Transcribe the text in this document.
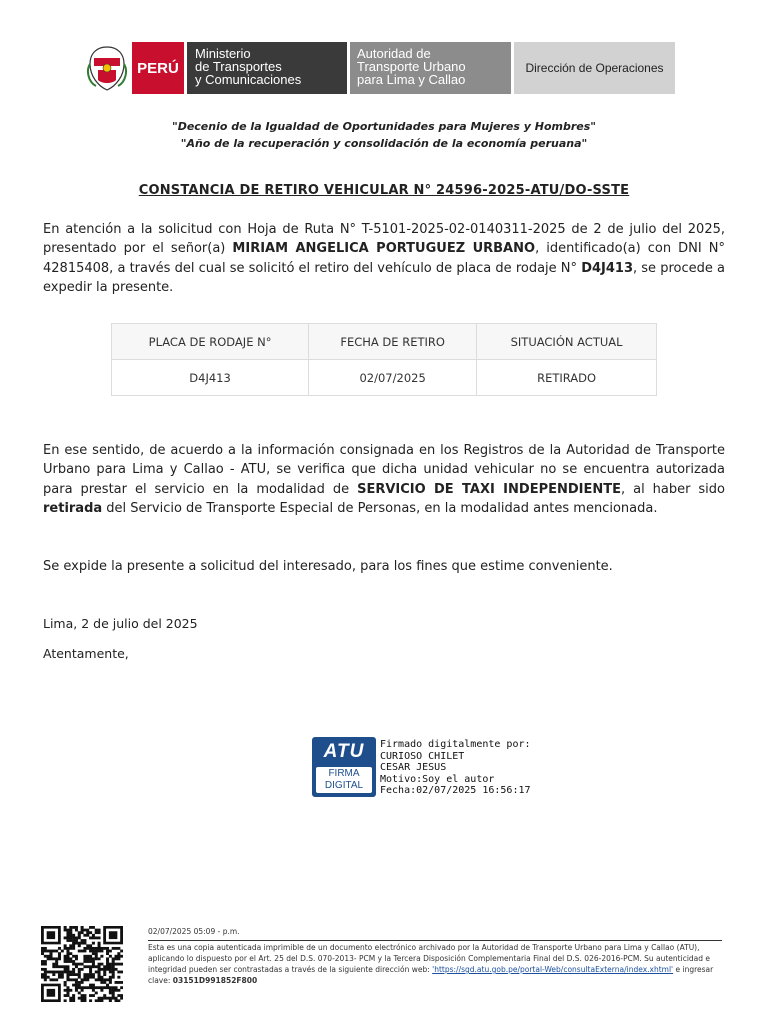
PERÚ
Ministerio
de Transportes
y Comunicaciones
Autoridad de
Transporte Urbano
para Lima y Callao
Dirección de Operaciones
"Decenio de la Igualdad de Oportunidades para Mujeres y Hombres"
"Año de la recuperación y consolidación de la economía peruana"
CONSTANCIA DE RETIRO VEHICULAR N° 24596-2025-ATU/DO-SSTE
En atención a la solicitud con Hoja de Ruta N° T-5101-2025-02-0140311-2025 de 2 de julio del 2025, presentado por el señor(a) MIRIAM ANGELICA PORTUGUEZ URBANO, identificado(a) con DNI N° 42815408, a través del cual se solicitó el retiro del vehículo de placa de rodaje N° D4J413, se procede a expedir la presente.
PLACA DE RODAJE N°	FECHA DE RETIRO	SITUACIÓN ACTUAL
D4J413	02/07/2025	RETIRADO
En ese sentido, de acuerdo a la información consignada en los Registros de la Autoridad de Transporte Urbano para Lima y Callao - ATU, se verifica que dicha unidad vehicular no se encuentra autorizada para prestar el servicio en la modalidad de SERVICIO DE TAXI INDEPENDIENTE, al haber sido retirada del Servicio de Transporte Especial de Personas, en la modalidad antes mencionada.
Se expide la presente a solicitud del interesado, para los fines que estime conveniente.
Lima, 2 de julio del 2025
Atentamente,
ATU
FIRMA
DIGITAL
Firmado digitalmente por:
CURIOSO CHILET
CESAR JESUS
Motivo:Soy el autor
Fecha:02/07/2025 16:56:17
02/07/2025 05:09 - p.m.
Esta es una copia autenticada imprimible de un documento electrónico archivado por la Autoridad de Transporte Urbano para Lima y Callao (ATU), aplicando lo dispuesto por el Art. 25 del D.S. 070-2013- PCM y la Tercera Disposición Complementaria Final del D.S. 026-2016-PCM. Su autenticidad e integridad pueden ser contrastadas a través de la siguiente dirección web: 'https://sgd.atu.gob.pe/portal-Web/consultaExterna/index.xhtml' e ingresar clave: 03151D991852F800
